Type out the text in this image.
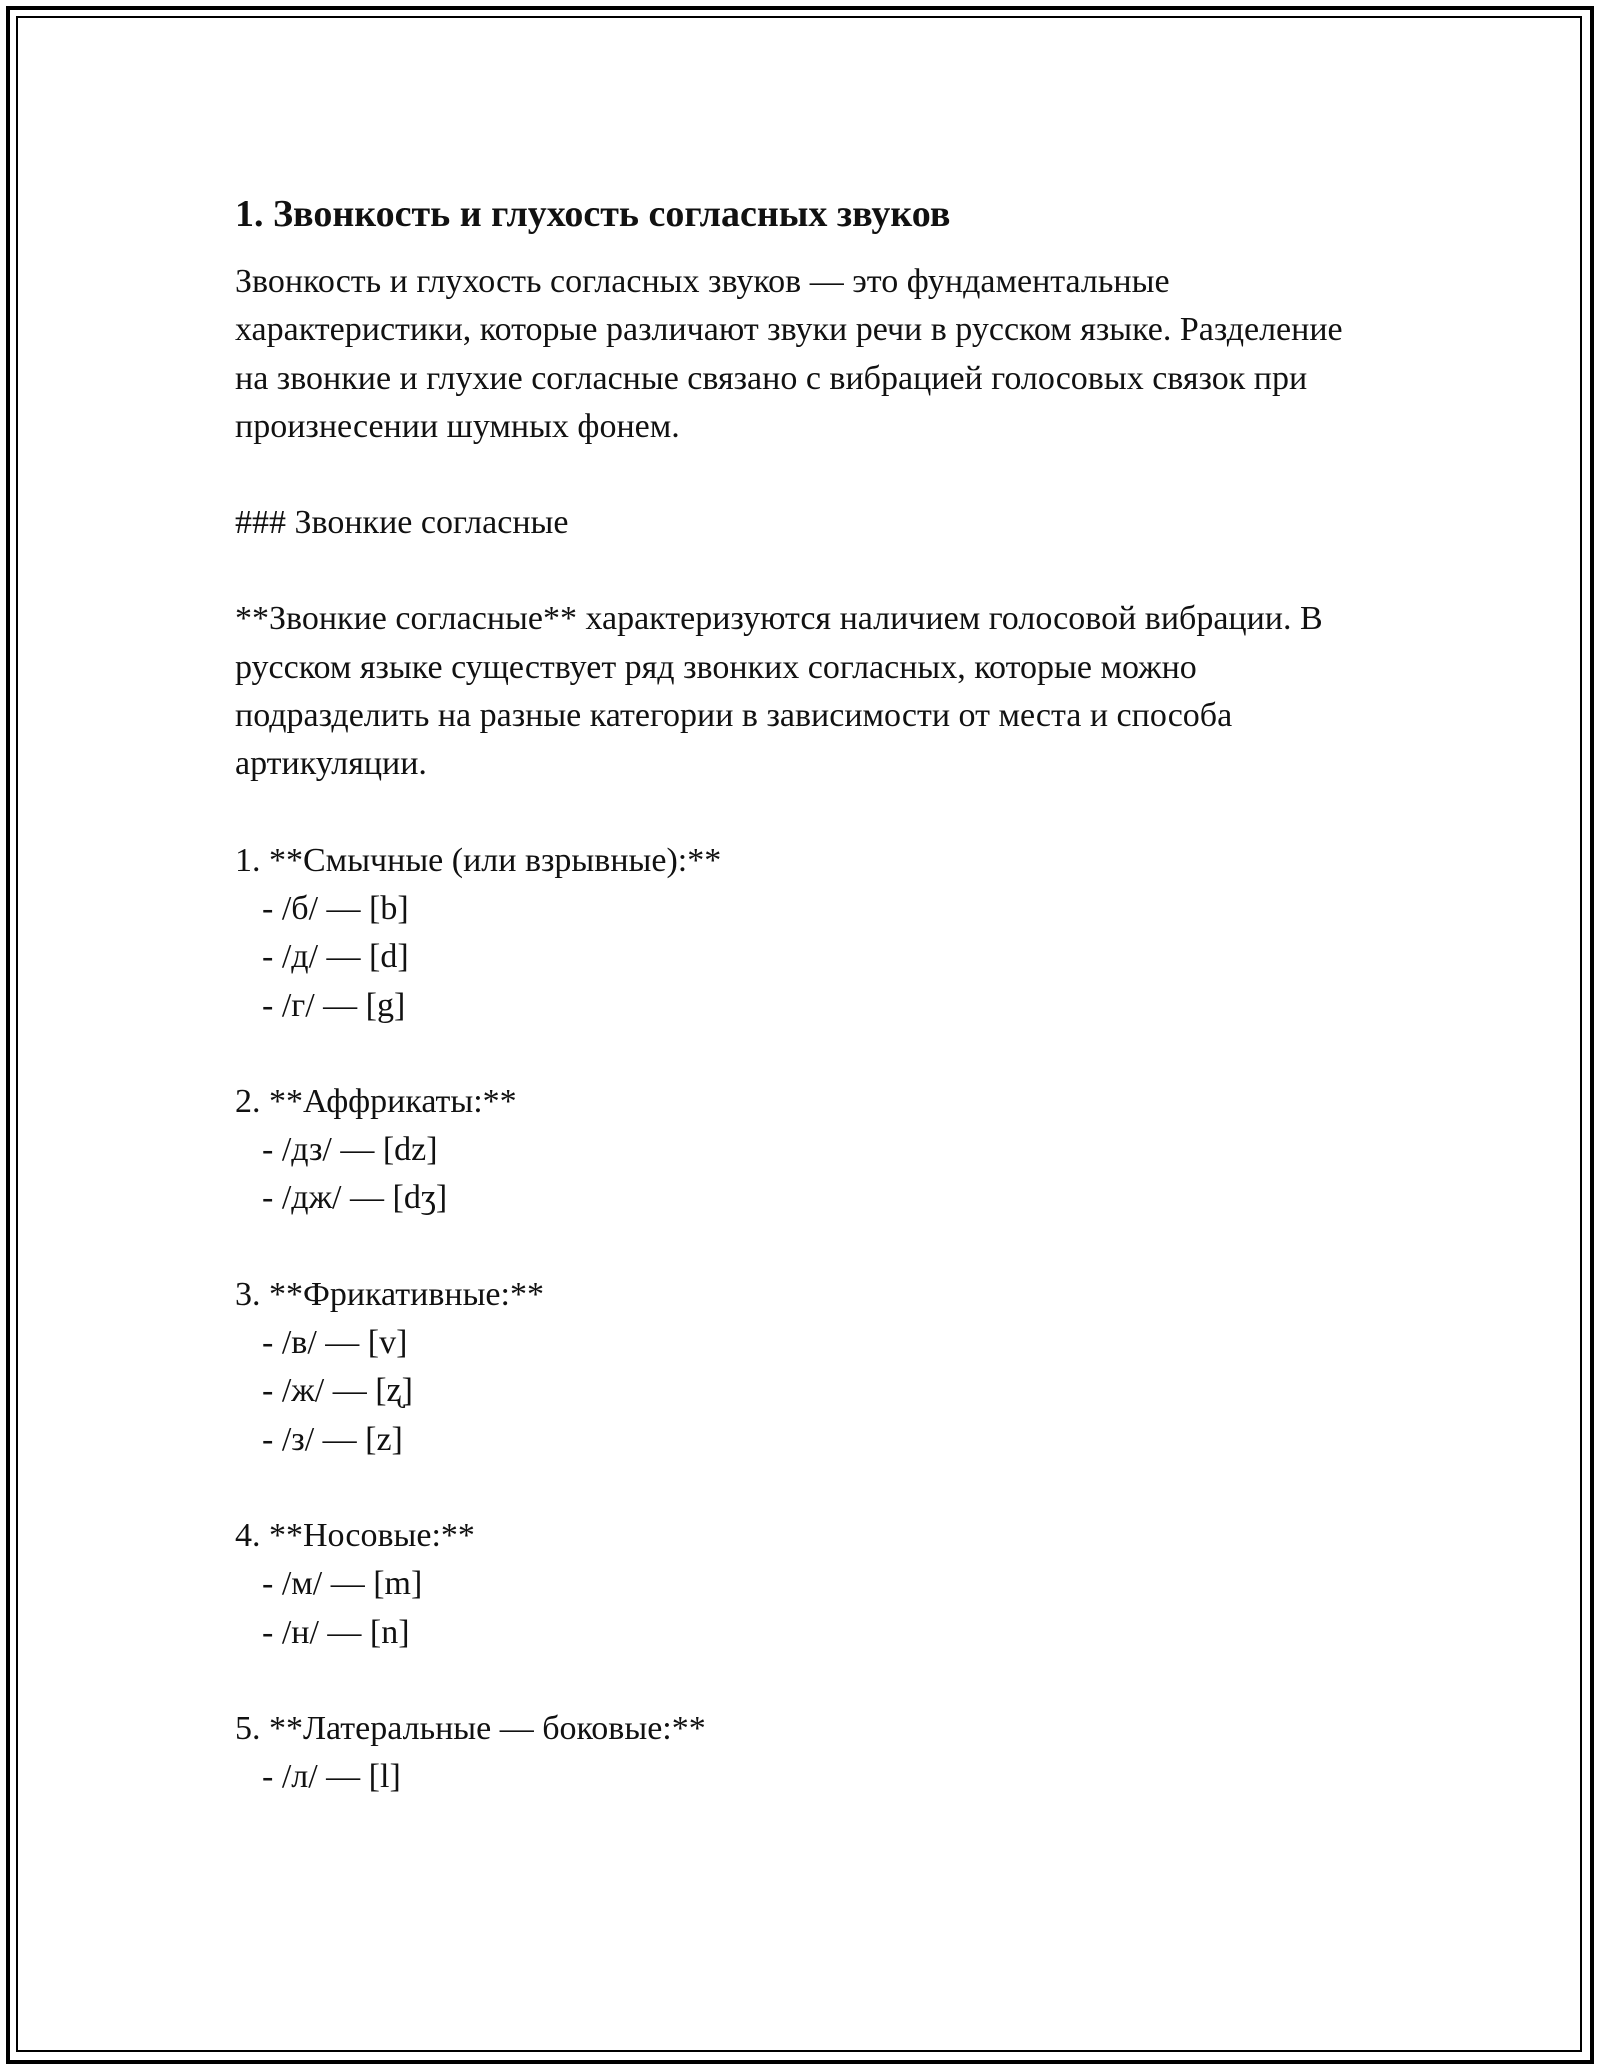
1. Звонкость и глухость согласных звуков

Звонкость и глухость согласных звуков — это фундаментальные характеристики, которые различают звуки речи в русском языке. Разделение на звонкие и глухие согласные связано с вибрацией голосовых связок при произнесении шумных фонем.

### Звонкие согласные

**Звонкие согласные** характеризуются наличием голосовой вибрации. В русском языке существует ряд звонких согласных, которые можно подразделить на разные категории в зависимости от места и способа артикуляции.

1. **Смычные (или взрывные):**
- /б/ — [b]
- /д/ — [d]
- /г/ — [g]
2. **Аффрикаты:**
- /дз/ — [dz]
- /дж/ — [dʒ]
3. **Фрикативные:**
- /в/ — [v]
- /ж/ — [ʐ]
- /з/ — [z]
4. **Носовые:**
- /м/ — [m]
- /н/ — [n]
5. **Латеральные — боковые:**
- /л/ — [l]
